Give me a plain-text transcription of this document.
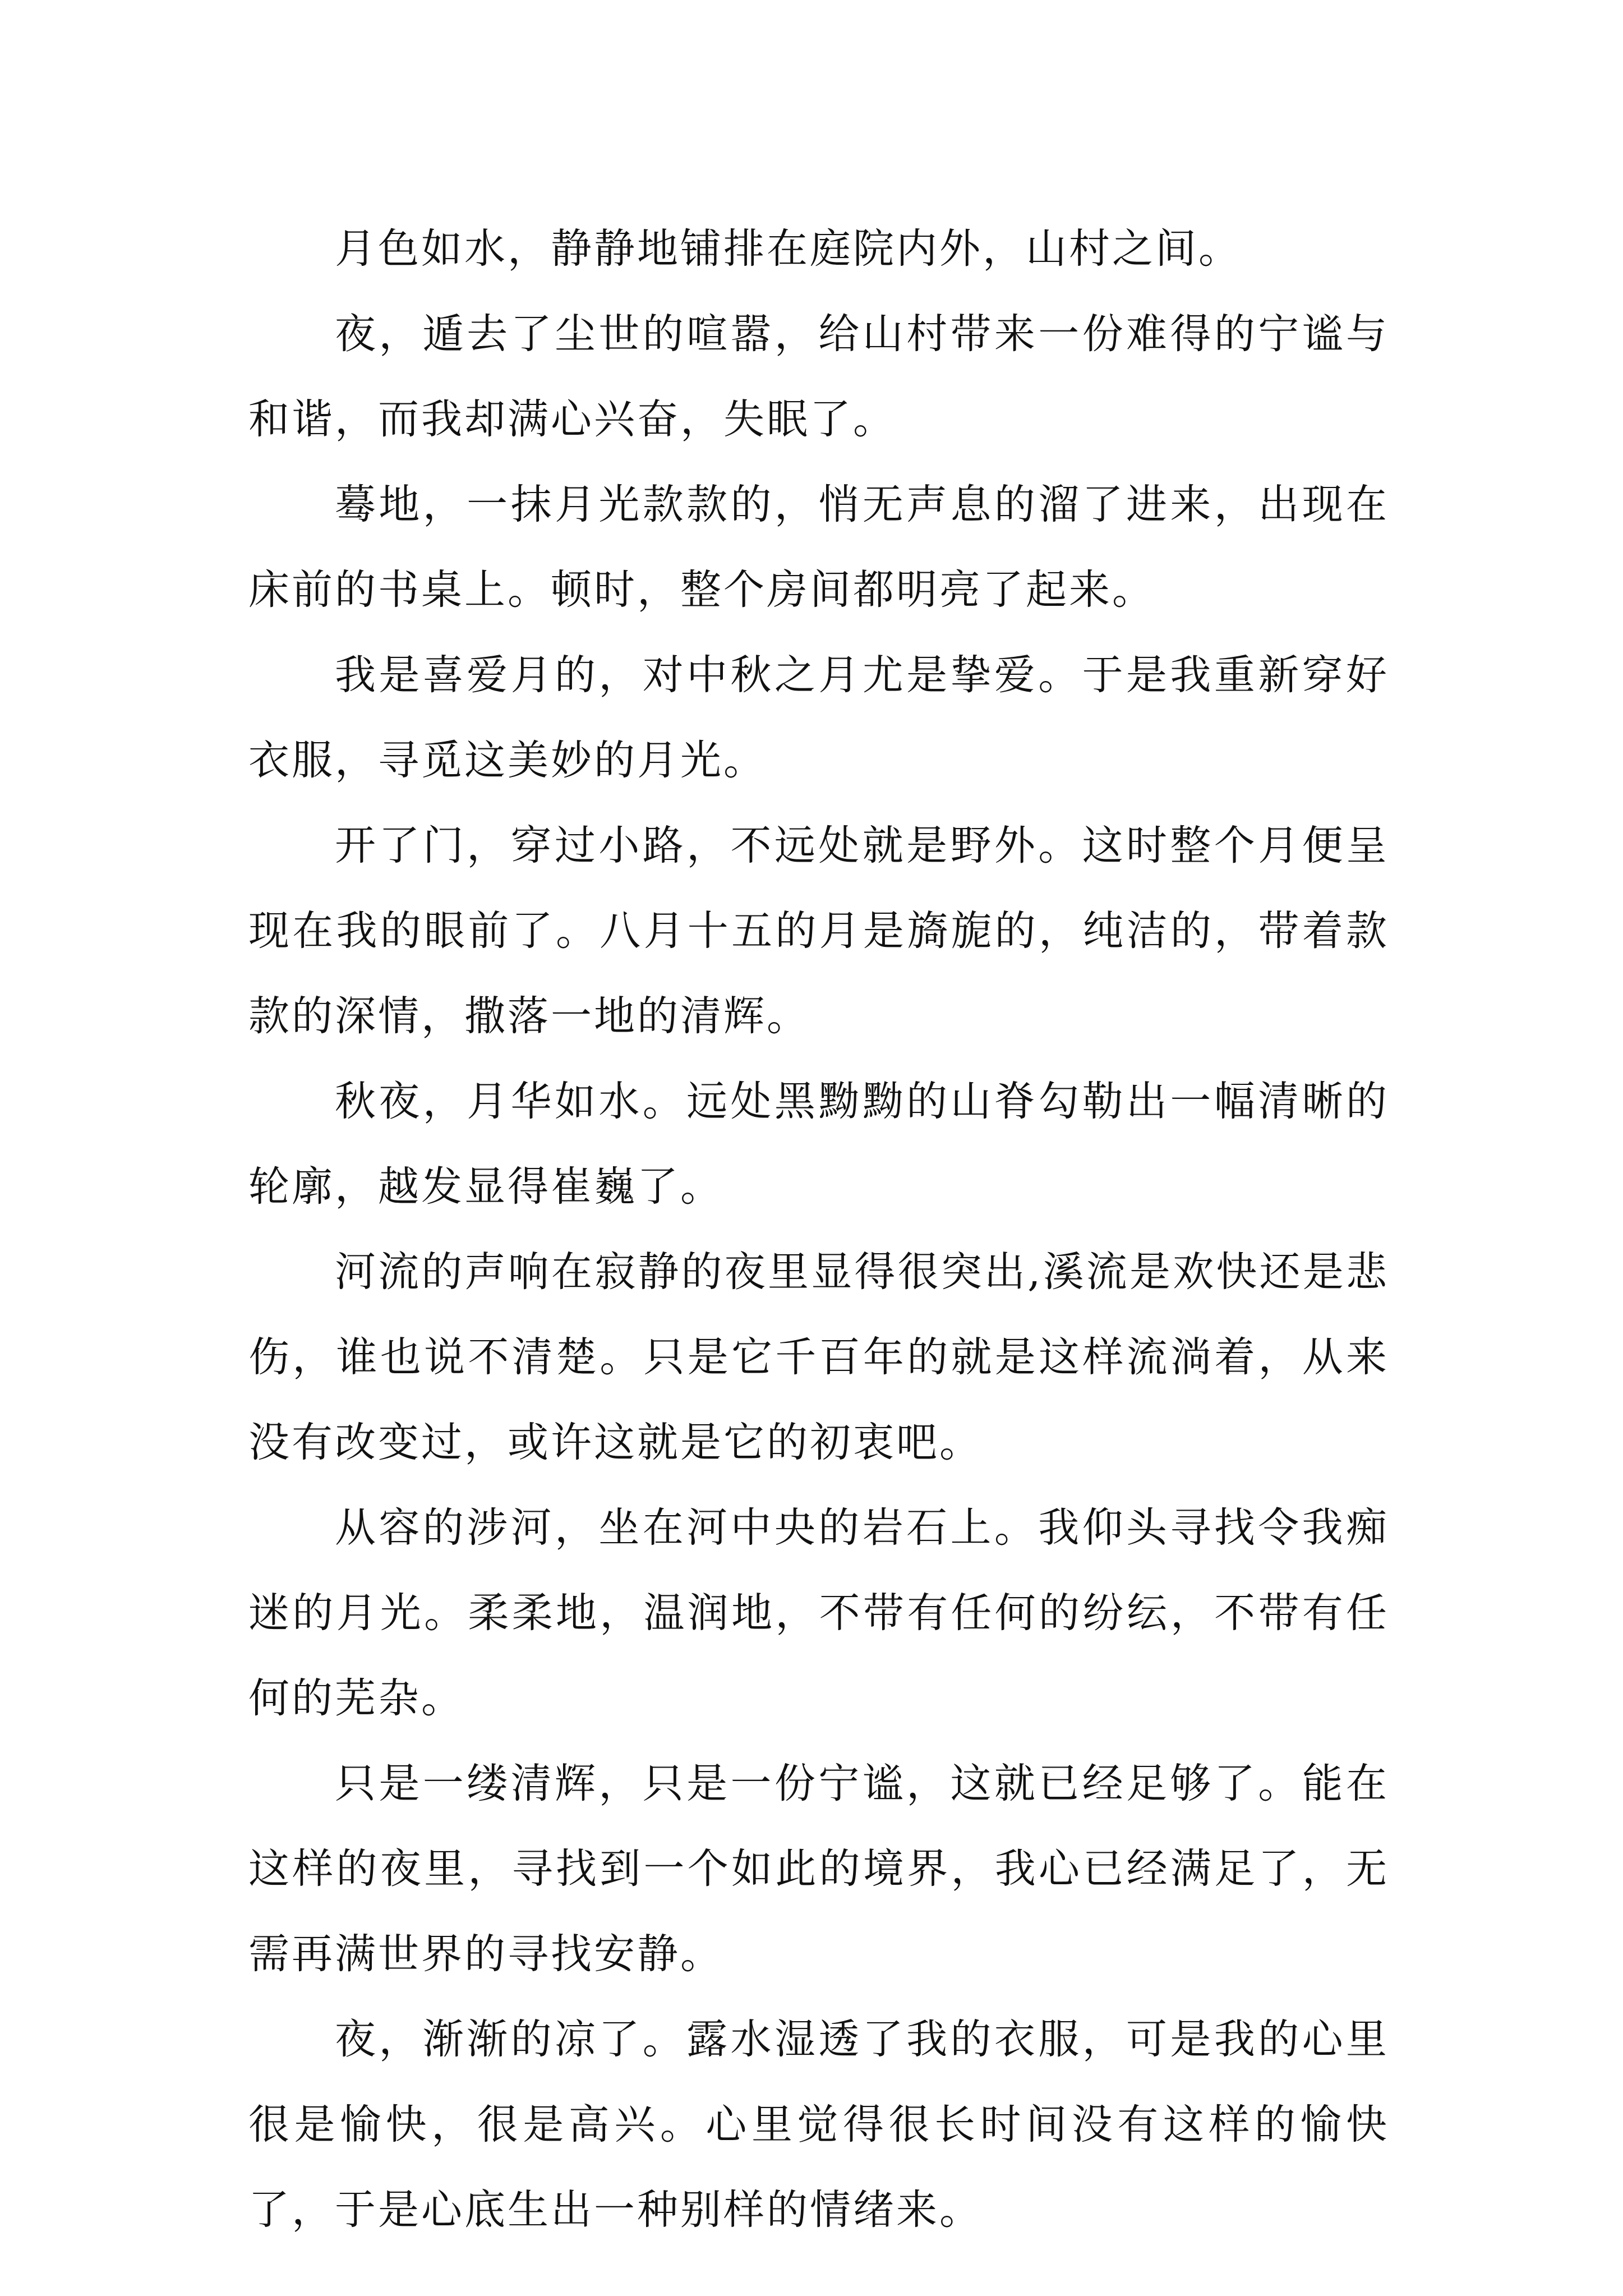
月色如水，静静地铺排在庭院内外，山村之间。

夜，遁去了尘世的喧嚣，给山村带来一份难得的宁谧与和谐，而我却满心兴奋，失眠了。

蓦地，一抹月光款款的，悄无声息的溜了进来，出现在床前的书桌上。顿时，整个房间都明亮了起来。

我是喜爱月的，对中秋之月尤是挚爱。于是我重新穿好衣服，寻觅这美妙的月光。

开了门，穿过小路，不远处就是野外。这时整个月便呈现在我的眼前了。八月十五的月是旖旎的，纯洁的，带着款款的深情，撒落一地的清辉。

秋夜，月华如水。远处黑黝黝的山脊勾勒出一幅清晰的轮廓，越发显得崔巍了。

河流的声响在寂静的夜里显得很突出,溪流是欢快还是悲伤，谁也说不清楚。只是它千百年的就是这样流淌着，从来没有改变过，或许这就是它的初衷吧。

从容的涉河，坐在河中央的岩石上。我仰头寻找令我痴迷的月光。柔柔地，温润地，不带有任何的纷纭，不带有任何的芜杂。

只是一缕清辉，只是一份宁谧，这就已经足够了。能在这样的夜里，寻找到一个如此的境界，我心已经满足了，无需再满世界的寻找安静。

夜，渐渐的凉了。露水湿透了我的衣服，可是我的心里很是愉快，很是高兴。心里觉得很长时间没有这样的愉快了，于是心底生出一种别样的情绪来。
